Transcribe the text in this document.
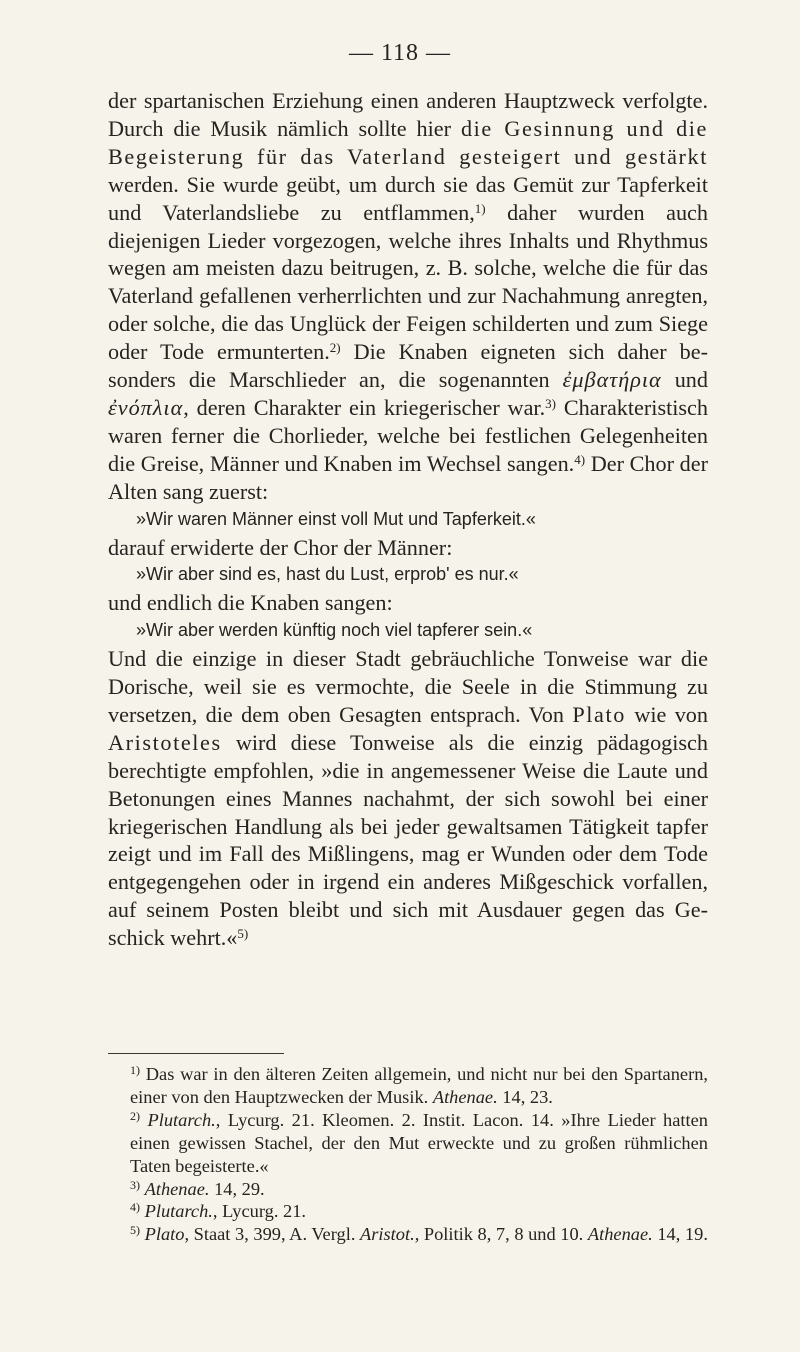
— 118 —

der spartanischen Erziehung einen anderen Hauptzweck verfolgte. Durch die Musik nämlich sollte hier die Gesinnung und die Begeisterung für das Vaterland gesteigert und gestärkt werden. Sie wurde geübt, um durch sie das Gemüt zur Tapferkeit und Vaterlandsliebe zu entflammen,$^{1)}$ daher wurden auch diejenigen Lieder vorgezogen, welche ihres Inhalts und Rhythmus wegen am meisten dazu beitrugen, z. B. solche, welche die für das Vaterland gefallenen verherrlichten und zur Nachahmung anregten, oder solche, die das Unglück der Feigen schilderten und zum Siege oder Tode ermunterten.$^{2)}$ Die Knaben eigneten sich daher besonders die Marschlieder an, die sogenannten ἐμβατήρια und ἐνόπλια, deren Charakter ein kriegerischer war.$^{3)}$ Charakteristisch waren ferner die Chorlieder, welche bei festlichen Gelegenheiten die Greise, Männer und Knaben im Wechsel sangen.$^{4)}$ Der Chor der Alten sang zuerst:

»Wir waren Männer einst voll Mut und Tapferkeit.«

darauf erwiderte der Chor der Männer:

»Wir aber sind es, hast du Lust, erprob' es nur.«

und endlich die Knaben sangen:

»Wir aber werden künftig noch viel tapferer sein.«

Und die einzige in dieser Stadt gebräuchliche Tonweise war die Dorische, weil sie es vermochte, die Seele in die Stimmung zu versetzen, die dem oben Gesagten entsprach. Von Plato wie von Aristoteles wird diese Tonweise als die einzig pädagogisch berechtigte empfohlen, »die in angemessener Weise die Laute und Betonungen eines Mannes nachahmt, der sich sowohl bei einer kriegerischen Handlung als bei jeder gewaltsamen Tätigkeit tapfer zeigt und im Fall des Mißlingens, mag er Wunden oder dem Tode entgegengehen oder in irgend ein anderes Mißgeschick vorfallen, auf seinem Posten bleibt und sich mit Ausdauer gegen das Geschick wehrt.«$^{5)}$

$^{1)}$ Das war in den älteren Zeiten allgemein, und nicht nur bei den Spartanern, einer von den Hauptzwecken der Musik. Athenae. 14, 23.

$^{2)}$ Plutarch., Lycurg. 21. Kleomen. 2. Instit. Lacon. 14. »Ihre Lieder hatten einen gewissen Stachel, der den Mut erweckte und zu großen rühmlichen Taten begeisterte.«

$^{3)}$ Athenae. 14, 29.

$^{4)}$ Plutarch., Lycurg. 21.

$^{5)}$ Plato, Staat 3, 399, A. Vergl. Aristot., Politik 8, 7, 8 und 10. Athenae. 14, 19.
